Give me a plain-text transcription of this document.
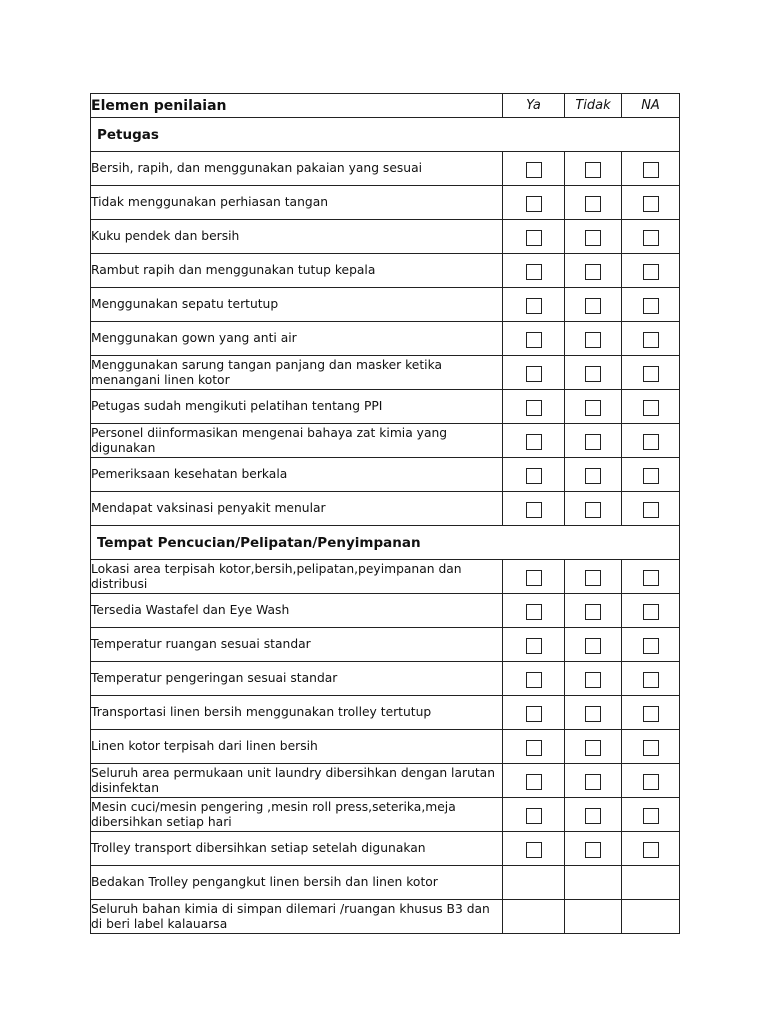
Elemen penilaian	Ya	Tidak	NA
Petugas			
Bersih, rapih, dan menggunakan pakaian yang sesuai			
Tidak menggunakan perhiasan tangan			
Kuku pendek dan bersih			
Rambut rapih dan menggunakan tutup kepala			
Menggunakan sepatu tertutup			
Menggunakan gown yang anti air			
Menggunakan sarung tangan panjang dan masker ketika menangani linen kotor			
Petugas sudah mengikuti pelatihan tentang PPI			
Personel diinformasikan mengenai bahaya zat kimia yang digunakan			
Pemeriksaan kesehatan berkala			
Mendapat vaksinasi penyakit menular			
Tempat Pencucian/Pelipatan/Penyimpanan			
Lokasi area terpisah kotor,bersih,pelipatan,peyimpanan dan distribusi			
Tersedia Wastafel dan Eye Wash			
Temperatur ruangan sesuai standar			
Temperatur pengeringan sesuai standar			
Transportasi linen bersih menggunakan trolley tertutup			
Linen kotor terpisah dari linen bersih			
Seluruh area permukaan unit laundry dibersihkan dengan larutan disinfektan			
Mesin cuci/mesin pengering ,mesin roll press,seterika,meja dibersihkan setiap hari			
Trolley transport dibersihkan setiap setelah digunakan			
Bedakan Trolley pengangkut linen bersih dan linen kotor			
Seluruh bahan kimia di simpan dilemari /ruangan khusus B3 dan di beri label kalauarsa			
